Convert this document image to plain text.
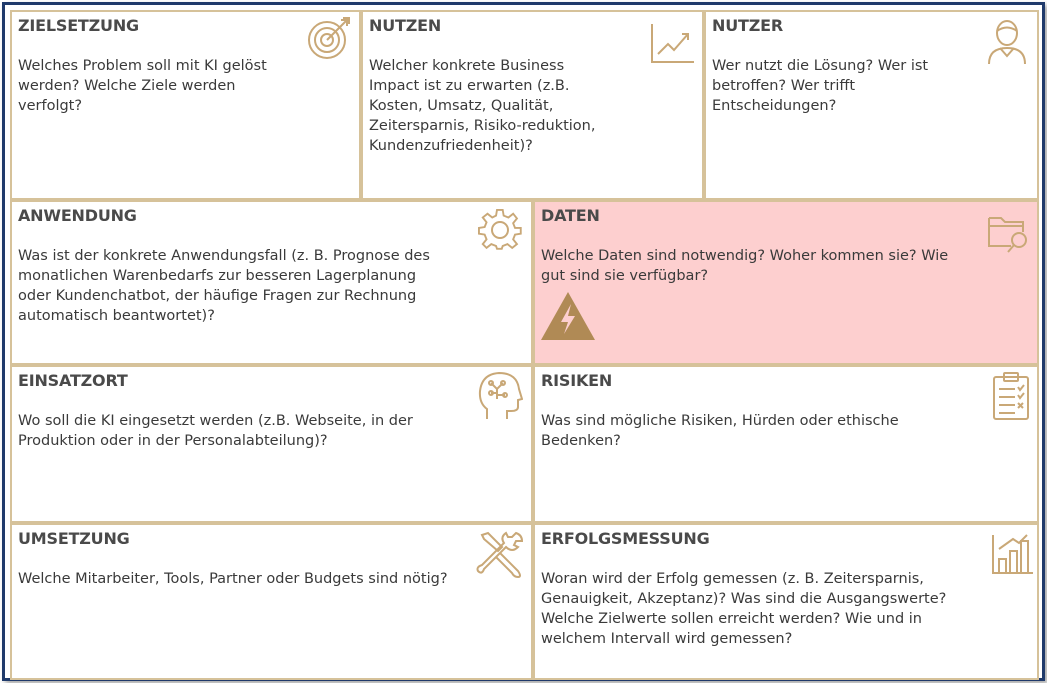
ZIELSETZUNG

Welches Problem soll mit KI gelöst werden? Welche Ziele werden verfolgt?

NUTZEN

Welcher konkrete Business Impact ist zu erwarten (z.B. Kosten, Umsatz, Qualität, Zeitersparnis, Risiko-reduktion, Kundenzufriedenheit)?

NUTZER

Wer nutzt die Lösung? Wer ist betroffen? Wer trifft Entscheidungen?

ANWENDUNG

Was ist der konkrete Anwendungsfall (z. B. Prognose des monatlichen Warenbedarfs zur besseren Lagerplanung oder Kundenchatbot, der häufige Fragen zur Rechnung automatisch beantwortet)?

DATEN

Welche Daten sind notwendig? Woher kommen sie? Wie gut sind sie verfügbar?

EINSATZORT

Wo soll die KI eingesetzt werden (z.B. Webseite, in der Produktion oder in der Personalabteilung)?

RISIKEN

Was sind mögliche Risiken, Hürden oder ethische Bedenken?

UMSETZUNG

Welche Mitarbeiter, Tools, Partner oder Budgets sind nötig?

ERFOLGSMESSUNG

Woran wird der Erfolg gemessen (z. B. Zeitersparnis, Genauigkeit, Akzeptanz)? Was sind die Ausgangswerte? Welche Zielwerte sollen erreicht werden? Wie und in welchem Intervall wird gemessen?
